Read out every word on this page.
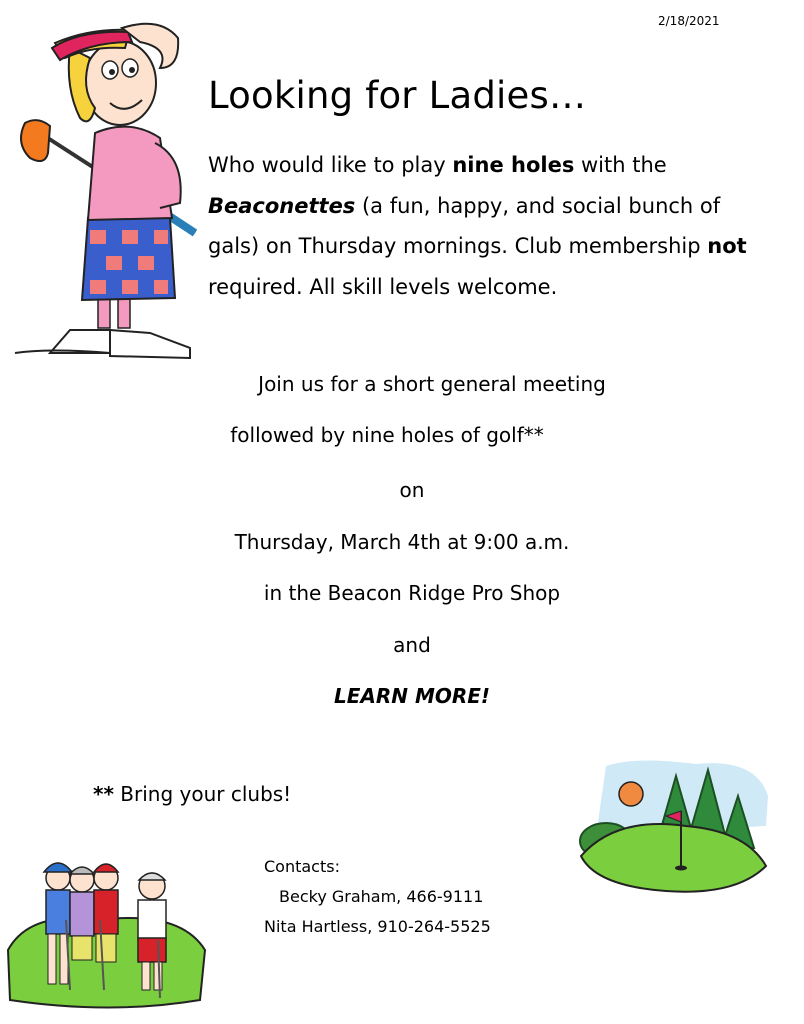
2/18/2021
Looking for Ladies…
Who would like to play nine holes with the Beaconettes (a fun, happy, and social bunch of gals) on Thursday mornings. Club membership not required. All skill levels welcome.
Join us for a short general meeting
followed by nine holes of golf**
on
Thursday, March 4th at 9:00 a.m.
in the Beacon Ridge Pro Shop
and
LEARN MORE!
** Bring your clubs!
Contacts:
Becky Graham, 466-9111
Nita Hartless, 910-264-5525
